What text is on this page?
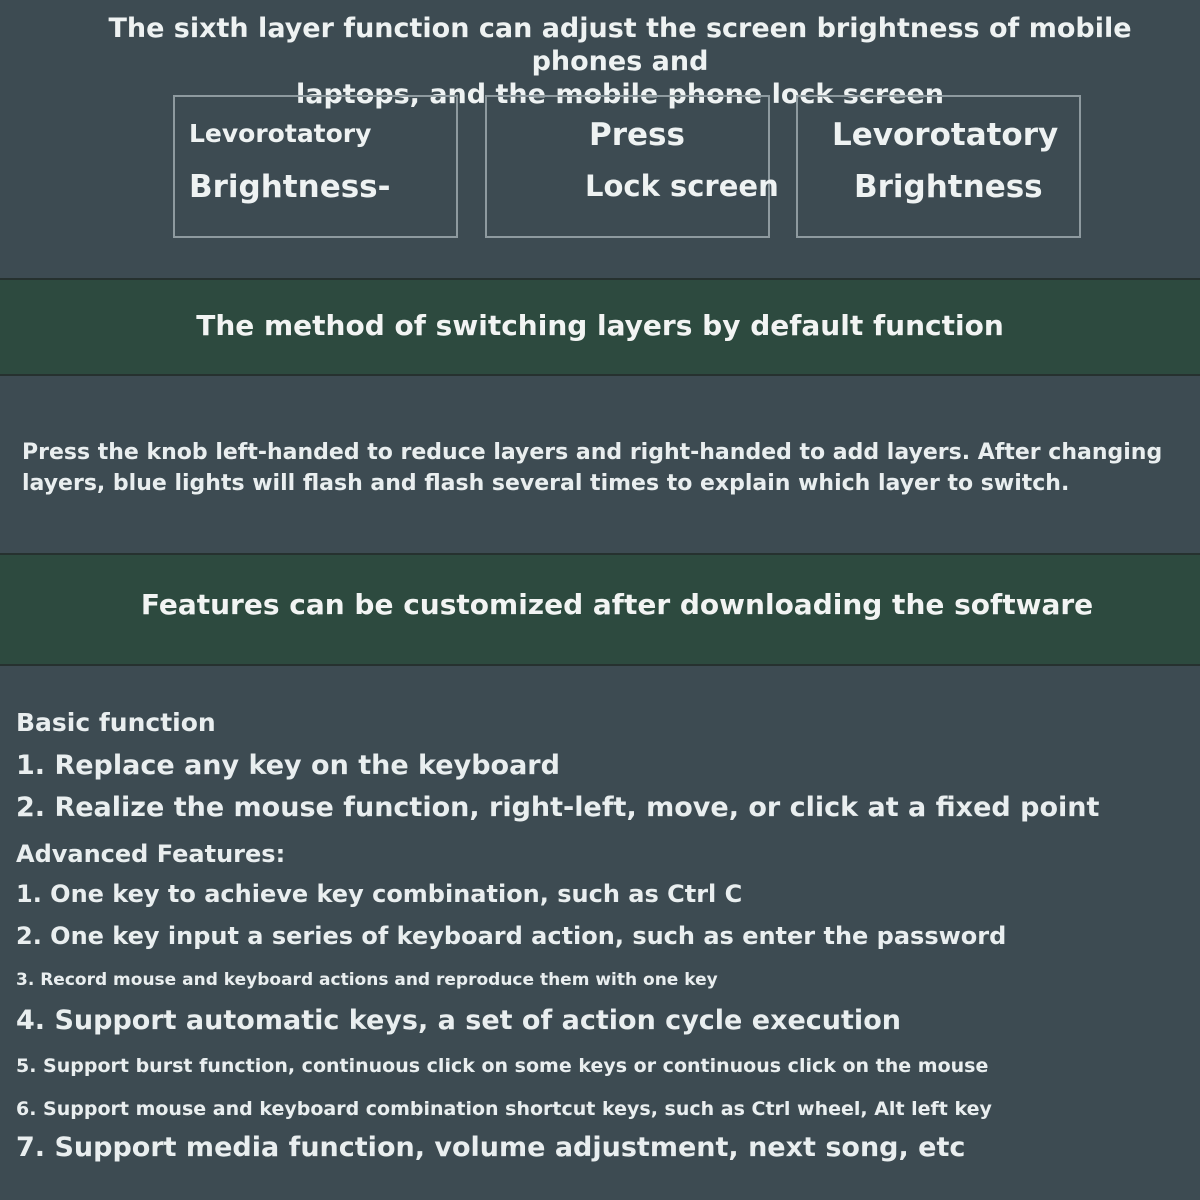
The sixth layer function can adjust the screen brightness of mobile phones and
laptops, and the mobile phone lock screen
Levorotatory
Brightness-
Press
Lock screen
Levorotatory
Brightness
The method of switching layers by default function
Press the knob left-handed to reduce layers and right-handed to add layers. After changing
layers, blue lights will flash and flash several times to explain which layer to switch.
Features can be customized after downloading the software
Basic function
1. Replace any key on the keyboard
2. Realize the mouse function, right-left, move, or click at a fixed point
Advanced Features:
1. One key to achieve key combination, such as Ctrl C
2. One key input a series of keyboard action, such as enter the password
3. Record mouse and keyboard actions and reproduce them with one key
4. Support automatic keys, a set of action cycle execution
5. Support burst function, continuous click on some keys or continuous click on the mouse
6. Support mouse and keyboard combination shortcut keys, such as Ctrl wheel, Alt left key
7. Support media function, volume adjustment, next song, etc
